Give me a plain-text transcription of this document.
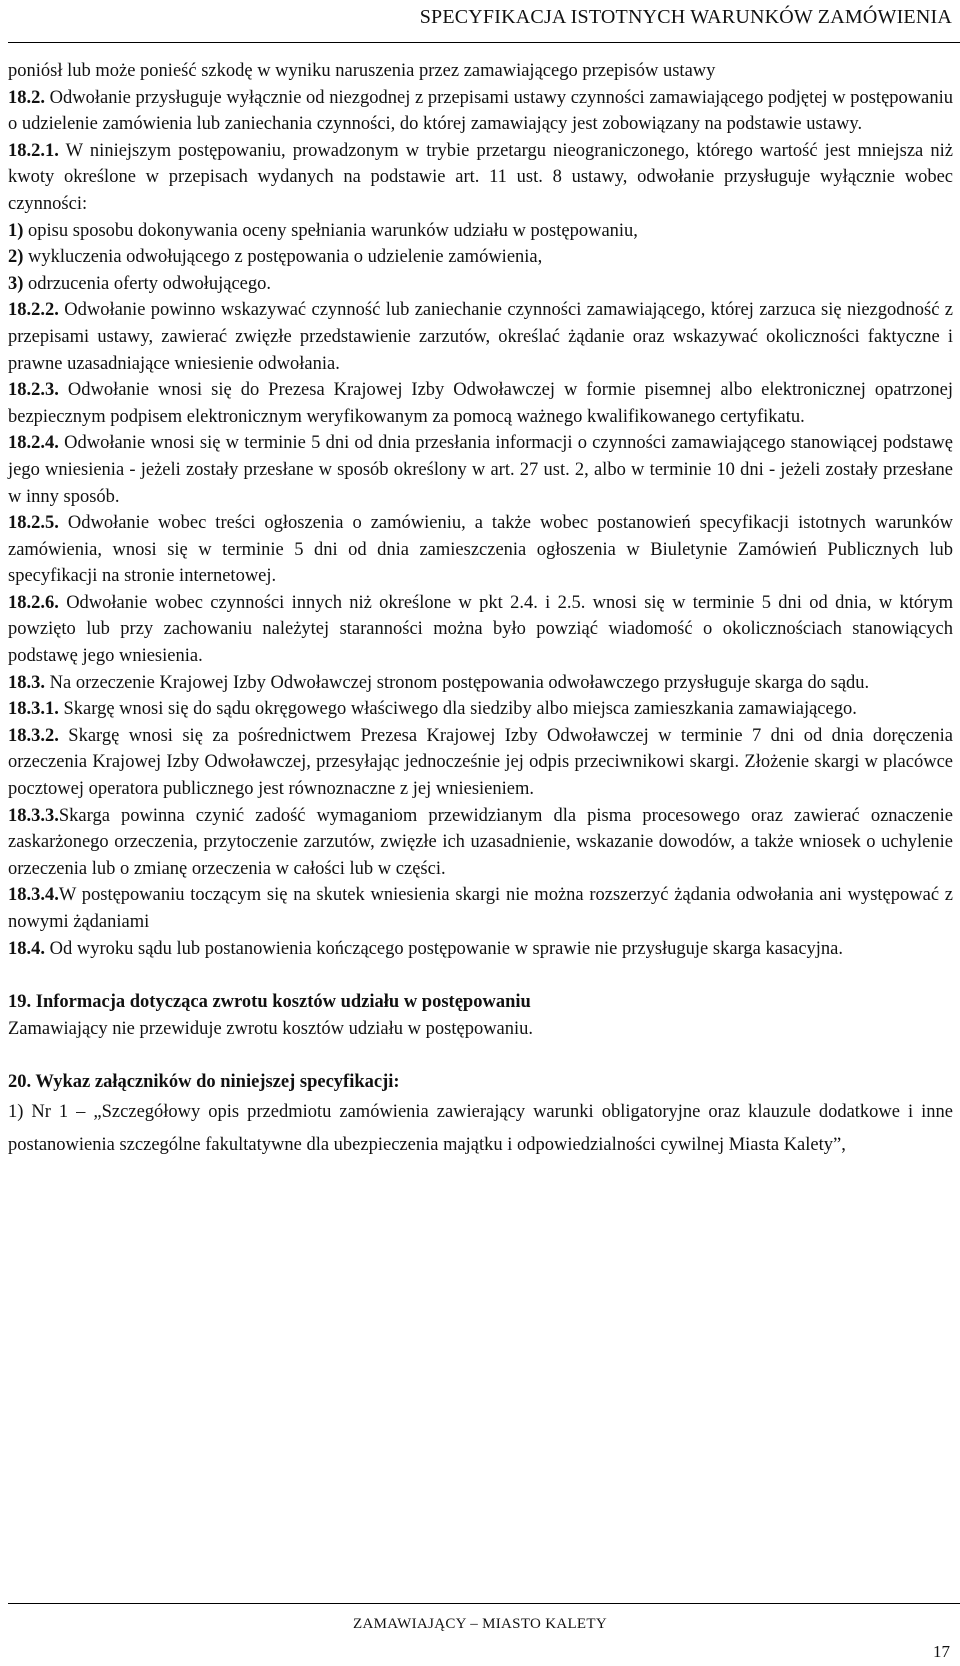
SPECYFIKACJA ISTOTNYCH WARUNKÓW ZAMÓWIENIA

poniósł lub może ponieść szkodę w wyniku naruszenia przez zamawiającego przepisów ustawy

18.2. Odwołanie przysługuje wyłącznie od niezgodnej z przepisami ustawy czynności zamawiającego podjętej w postępowaniu o udzielenie zamówienia lub zaniechania czynności, do której zamawiający jest zobowiązany na podstawie ustawy.

18.2.1. W niniejszym postępowaniu, prowadzonym w trybie przetargu nieograniczonego, którego wartość jest mniejsza niż kwoty określone w przepisach wydanych na podstawie art. 11 ust. 8 ustawy, odwołanie przysługuje wyłącznie wobec czynności:
1) opisu sposobu dokonywania oceny spełniania warunków udziału w postępowaniu,
2) wykluczenia odwołującego z postępowania o udzielenie zamówienia,
3) odrzucenia oferty odwołującego.

18.2.2. Odwołanie powinno wskazywać czynność lub zaniechanie czynności zamawiającego, której zarzuca się niezgodność z przepisami ustawy, zawierać zwięzłe przedstawienie zarzutów, określać żądanie oraz wskazywać okoliczności faktyczne i prawne uzasadniające wniesienie odwołania.

18.2.3. Odwołanie wnosi się do Prezesa Krajowej Izby Odwoławczej w formie pisemnej albo elektronicznej opatrzonej bezpiecznym podpisem elektronicznym weryfikowanym za pomocą ważnego kwalifikowanego certyfikatu.

18.2.4. Odwołanie wnosi się w terminie 5 dni od dnia przesłania informacji o czynności zamawiającego stanowiącej podstawę jego wniesienia - jeżeli zostały przesłane w sposób określony w art. 27 ust. 2, albo w terminie 10 dni - jeżeli zostały przesłane w inny sposób.

18.2.5. Odwołanie wobec treści ogłoszenia o zamówieniu, a także wobec postanowień specyfikacji istotnych warunków zamówienia, wnosi się w terminie 5 dni od dnia zamieszczenia ogłoszenia w Biuletynie Zamówień Publicznych lub specyfikacji na stronie internetowej.

18.2.6. Odwołanie wobec czynności innych niż określone w pkt 2.4. i 2.5. wnosi się w terminie 5 dni od dnia, w którym powzięto lub przy zachowaniu należytej staranności można było powziąć wiadomość o okolicznościach stanowiących podstawę jego wniesienia.

18.3. Na orzeczenie Krajowej Izby Odwoławczej stronom postępowania odwoławczego przysługuje skarga do sądu.

18.3.1. Skargę wnosi się do sądu okręgowego właściwego dla siedziby albo miejsca zamieszkania zamawiającego.

18.3.2. Skargę wnosi się za pośrednictwem Prezesa Krajowej Izby Odwoławczej w terminie 7 dni od dnia doręczenia orzeczenia Krajowej Izby Odwoławczej, przesyłając jednocześnie jej odpis przeciwnikowi skargi. Złożenie skargi w placówce pocztowej operatora publicznego jest równoznaczne z jej wniesieniem.

18.3.3.Skarga powinna czynić zadość wymaganiom przewidzianym dla pisma procesowego oraz zawierać oznaczenie zaskarżonego orzeczenia, przytoczenie zarzutów, zwięzłe ich uzasadnienie, wskazanie dowodów, a także wniosek o uchylenie orzeczenia lub o zmianę orzeczenia w całości lub w części.

18.3.4.W postępowaniu toczącym się na skutek wniesienia skargi nie można rozszerzyć żądania odwołania ani występować z nowymi żądaniami

18.4. Od wyroku sądu lub postanowienia kończącego postępowanie w sprawie nie przysługuje skarga kasacyjna.

19. Informacja dotycząca zwrotu kosztów udziału w postępowaniu
Zamawiający nie przewiduje zwrotu kosztów udziału w postępowaniu.

20. Wykaz załączników do niniejszej specyfikacji:
1) Nr 1 – „Szczegółowy opis przedmiotu zamówienia zawierający warunki obligatoryjne oraz klauzule dodatkowe i inne postanowienia szczególne fakultatywne dla ubezpieczenia majątku i odpowiedzialności cywilnej Miasta Kalety”,

ZAMAWIAJĄCY – MIASTO KALETY
17
